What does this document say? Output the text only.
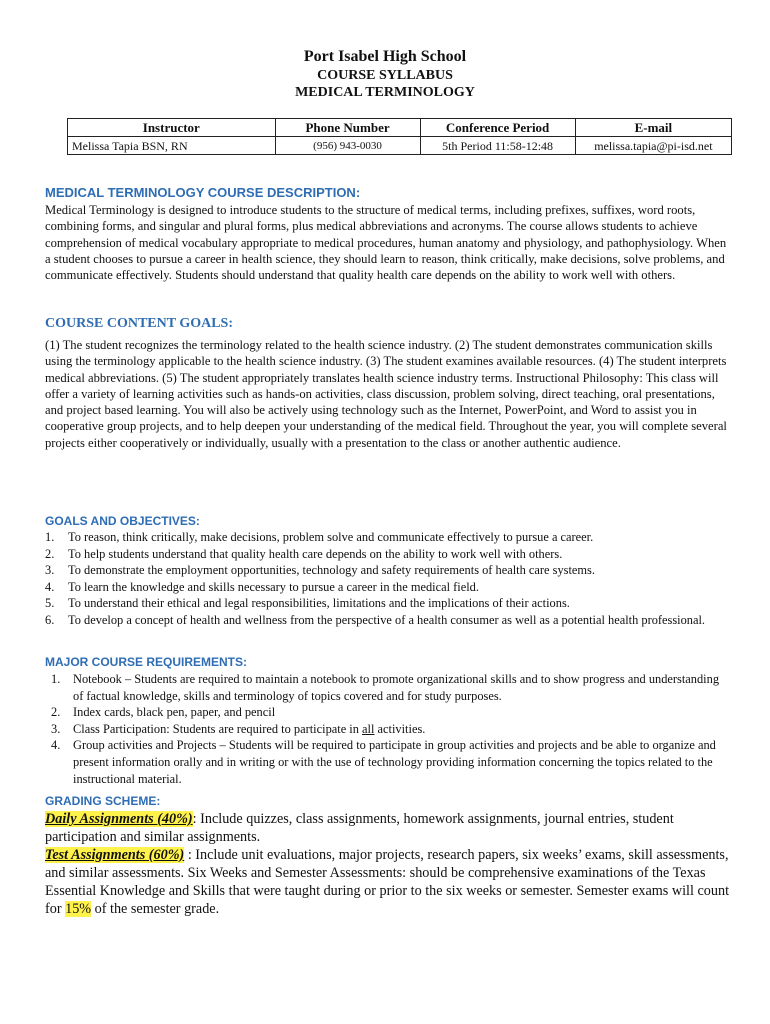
Port Isabel High School
COURSE SYLLABUS
MEDICAL TERMINOLOGY
Instructor	Phone Number	Conference Period	E-mail
Melissa Tapia BSN, RN	(956) 943-0030	5th Period 11:58-12:48	melissa.tapia@pi-isd.net
MEDICAL TERMINOLOGY COURSE DESCRIPTION:
Medical Terminology is designed to introduce students to the structure of medical terms, including prefixes, suffixes, word roots, combining forms, and singular and plural forms, plus medical abbreviations and acronyms. The course allows students to achieve comprehension of medical vocabulary appropriate to medical procedures, human anatomy and physiology, and pathophysiology. When a student chooses to pursue a career in health science, they should learn to reason, think critically, make decisions, solve problems, and communicate effectively. Students should understand that quality health care depends on the ability to work well with others.
COURSE CONTENT GOALS:
(1) The student recognizes the terminology related to the health science industry. (2) The student demonstrates communication skills using the terminology applicable to the health science industry. (3) The student examines available resources. (4) The student interprets medical abbreviations. (5) The student appropriately translates health science industry terms. Instructional Philosophy: This class will offer a variety of learning activities such as hands-on activities, class discussion, problem solving, direct teaching, oral presentations, and project based learning. You will also be actively using technology such as the Internet, PowerPoint, and Word to assist you in cooperative group projects, and to help deepen your understanding of the medical field. Throughout the year, you will complete several projects either cooperatively or individually, usually with a presentation to the class or another authentic audience.
GOALS AND OBJECTIVES:
1. To reason, think critically, make decisions, problem solve and communicate effectively to pursue a career.
2. To help students understand that quality health care depends on the ability to work well with others.
3. To demonstrate the employment opportunities, technology and safety requirements of health care systems.
4. To learn the knowledge and skills necessary to pursue a career in the medical field.
5. To understand their ethical and legal responsibilities, limitations and the implications of their actions.
6. To develop a concept of health and wellness from the perspective of a health consumer as well as a potential health professional.
MAJOR COURSE REQUIREMENTS:
1. Notebook – Students are required to maintain a notebook to promote organizational skills and to show progress and understanding of factual knowledge, skills and terminology of topics covered and for study purposes.
2. Index cards, black pen, paper, and pencil
3. Class Participation: Students are required to participate in all activities.
4. Group activities and Projects – Students will be required to participate in group activities and projects and be able to organize and present information orally and in writing or with the use of technology providing information concerning the topics related to the instructional material.
GRADING SCHEME:
Daily Assignments (40%): Include quizzes, class assignments, homework assignments, journal entries, student participation and similar assignments.
Test Assignments (60%) : Include unit evaluations, major projects, research papers, six weeks’ exams, skill assessments, and similar assessments. Six Weeks and Semester Assessments: should be comprehensive examinations of the Texas Essential Knowledge and Skills that were taught during or prior to the six weeks or semester. Semester exams will count for 15% of the semester grade.
